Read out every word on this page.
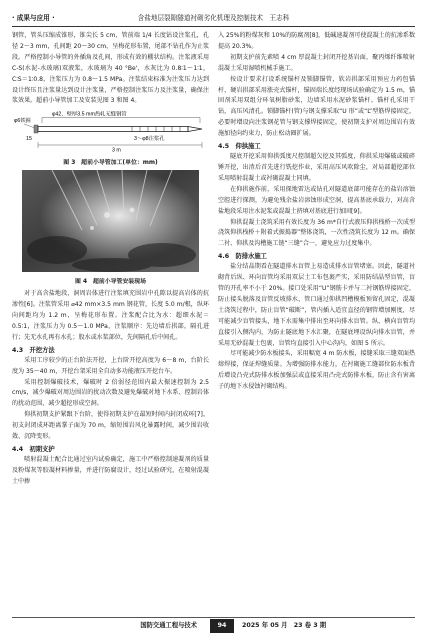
· 成果与应用 ·	含盐地层裂隙隧道衬砌劣化机理及控制技术　王志科

钢管，管头压缩成锥形，锥尖长 5 cm，管前端 1/4 长度钻设注浆孔，孔径 2～3 mm，孔间距 20～30 cm，呈梅花形布置，尾部不钻孔作为止浆段。严格控制小导管的外插角及孔间，形成有效的棚状结构。注浆液采用 C-S(水泥-水玻璃)双液浆，水玻璃为 40 °Be'，水灰比为 0.8∶1～1∶1，C∶S＝1∶0.8，注浆压力为 0.8～1.5 MPa。注浆结束标准为注浆压力达到设计终压且注浆量达到设计注浆量，严格控制注浆压力及注浆量，确保注浆效果。超前小导管加工及安装见图 3 和图 4。

φ42、壁厚3.5 mm热轧无缝钢管
φ6铁箍
15	3～φ8注浆孔
3 m
图 3　超前小导管加工(单位：mm)
图 4　超前小导管安装现场

对于高含盐地段，洞周岩体进行注浆填充围岩中孔隙以提高岩体的抗渗性[6]。注浆管采用 ⌀42 mm×3.5 mm 钢花管，长度 5.0 m/根，纵环向间距均为 1.2 m，呈梅花形布置。注浆配合比为水：超细水泥＝0.5∶1，注浆压力为 0.5～1.0 MPa，注浆顺序：先边墙后拱部，隔孔进行；先无水孔再有水孔；股水或水浆部位，先间隔孔后中间孔。

4.3　开挖方法

采用工序较少的正台阶法开挖，上台阶开挖高度为 6～8 m，台阶长度为 35～40 m，开挖台架采用全自动多功能液压开挖台车。

采用控制爆破技术，爆破时 2 倍弱径范围内最大振速控制为 2.5 cm/s，减少爆破对周边围岩的扰动次数及避免爆破对地下水系、控制岩体的扰动范围，减少超挖形成空洞。

仰拱初期支护紧跟下台阶，使得初期支护在最短时间内封闭成环[7]，初支封闭成环距离掌子面为 70 m，缩短围岩风化暴露时间，减少围岩收敛、沉降变形。

4.4　初期支护

喷射混凝土配合比通过室内试验确定，施工中严格控制速凝剂的质量及粉煤灰等胶凝材料掺量，并进行防腐设计，经过试验研究，在喷射混凝土中掺

入 25%的粉煤灰和 10%的防腐剂[8]，低碱速凝剂可使混凝土的抗渗系数提高 20.3%。

初期支护前先素喷 4 cm 厚混凝土封闭开挖基岩面，聚丙烯纤维喷射混凝土采用湿喷机械手施工。

按设计要求打设系统锚杆及锁脚锚管，软岩拱部采用预应力药包锚杆，硬岩拱部采用涨壳式锚杆，锚固端长度经现场试验确定为 1.5 m，锚固剂采用双组分环氧树脂砂浆，边墙采用水泥砂浆锚杆。锚杆孔采用干钻，高压风清孔。锁脚锚杆(管)与钢支撑采取“U 形”或“L”型筋焊接固定，必要时增设向注浆钢花管与钢支撑焊接固定，使初期支护对周边围岩有效施加径向约束力，防止松动圈扩展。

4.5　仰拱施工

隧底开挖采用仰拱弧度尺控制超欠挖及其弧度，仰拱采用爆破或破碎锤开挖，出渣后首先进行铣挖作业，采用高压风吹除尘，对局部超挖部位采用喷射混凝土或衬砌混凝土同填。

在仰拱施作前，采用探地雷达或钻孔对隧道底部可能存在的盐岩溶蚀空腔进行探测，为避免残余盐岩溶蚀形成空洞，提高基底承载力，对高含盐地段采用注水泥浆或混凝土挤填对基底进行加固[9]。

仰拱混凝土浇筑采用有效长度为 36 m*自行式液压仰拱栈桥一次成型浇筑仰拱栈桥＋附着式振捣器”整体浇筑，一次性浇筑长度为 12 m。确保二衬、仰拱及沟槽施工链“三缝”合一，避免应力过度集中。

4.6　防排水施工

盐分结晶期看在隧道排水盲管上易造成排水盲管堵塞。因此，隧道衬砌背后纵、环向盲管均采用双层土工布包裹严实，采用防结晶型盲管，盲管的开孔率不小于 20%。接口处采用“U”钢筋卡并与二衬钢筋焊接固定，防止接头脱落及盲管反坡排水，管口通过仰拱凹槽模板预留孔固定，混凝土浇筑过程中，防止盲管“破断”，管内插入适宜直径的钢管增加刚度，尽可能减少盲管接头，地下水需集中排出至环向排水盲管。纵、横向盲管均直接引入侧沟内，为防止隧底地下水汇聚，在隧底埋设纵向排水盲管，并采用无砂混凝土包裹，盲管均直接引入中心沟内，如图 5 所示。

尽可能减少防水板接头，采用幅宽 4 m 防水板，接缝采取三缝双面热熔焊接，保证焊缝质量。为增强防排水能力，在衬砌施工缝部位防水板背后增设凸壳式防排水板加强层或直接采用凸壳式防排水板，防止含有害离子的地下水侵蚀衬砌结构。

国防交通工程与技术	94	2025 年 05 月　23 卷 3 期
